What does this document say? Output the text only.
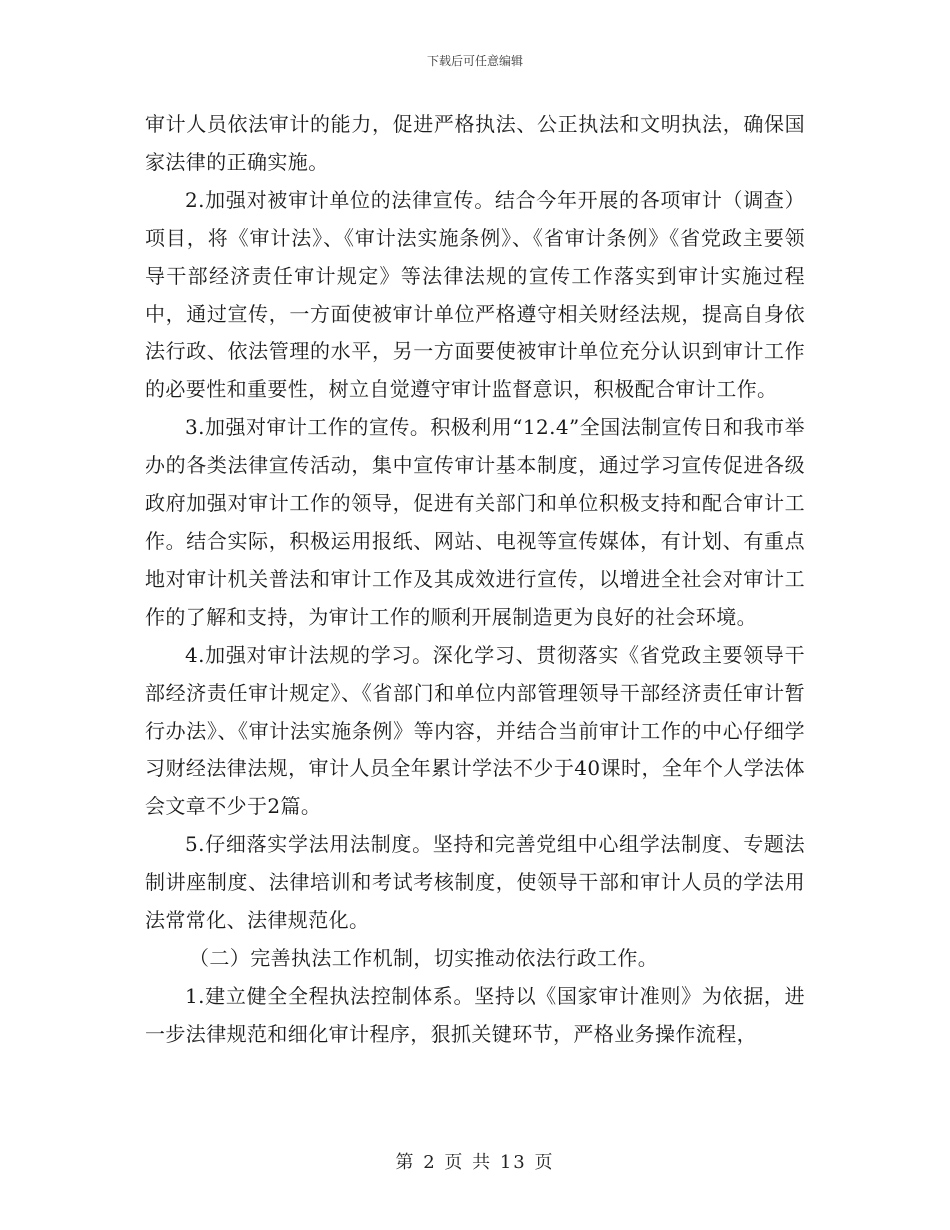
下载后可任意编辑

审计人员依法审计的能力，促进严格执法、公正执法和文明执法，确保国家法律的正确实施。

2.加强对被审计单位的法律宣传。结合今年开展的各项审计（调查）项目，将《审计法》、《审计法实施条例》、《省审计条例》《省党政主要领导干部经济责任审计规定》等法律法规的宣传工作落实到审计实施过程中，通过宣传，一方面使被审计单位严格遵守相关财经法规，提高自身依法行政、依法管理的水平，另一方面要使被审计单位充分认识到审计工作的必要性和重要性，树立自觉遵守审计监督意识，积极配合审计工作。

3.加强对审计工作的宣传。积极利用“12.4”全国法制宣传日和我市举办的各类法律宣传活动，集中宣传审计基本制度，通过学习宣传促进各级政府加强对审计工作的领导，促进有关部门和单位积极支持和配合审计工作。结合实际，积极运用报纸、网站、电视等宣传媒体，有计划、有重点地对审计机关普法和审计工作及其成效进行宣传，以增进全社会对审计工作的了解和支持，为审计工作的顺利开展制造更为良好的社会环境。

4.加强对审计法规的学习。深化学习、贯彻落实《省党政主要领导干部经济责任审计规定》、《省部门和单位内部管理领导干部经济责任审计暂行办法》、《审计法实施条例》等内容，并结合当前审计工作的中心仔细学习财经法律法规，审计人员全年累计学法不少于40课时，全年个人学法体会文章不少于2篇。

5.仔细落实学法用法制度。坚持和完善党组中心组学法制度、专题法制讲座制度、法律培训和考试考核制度，使领导干部和审计人员的学法用法常常化、法律规范化。

（二）完善执法工作机制，切实推动依法行政工作。

1.建立健全全程执法控制体系。坚持以《国家审计准则》为依据，进一步法律规范和细化审计程序，狠抓关键环节，严格业务操作流程，

第 2 页 共 13 页
